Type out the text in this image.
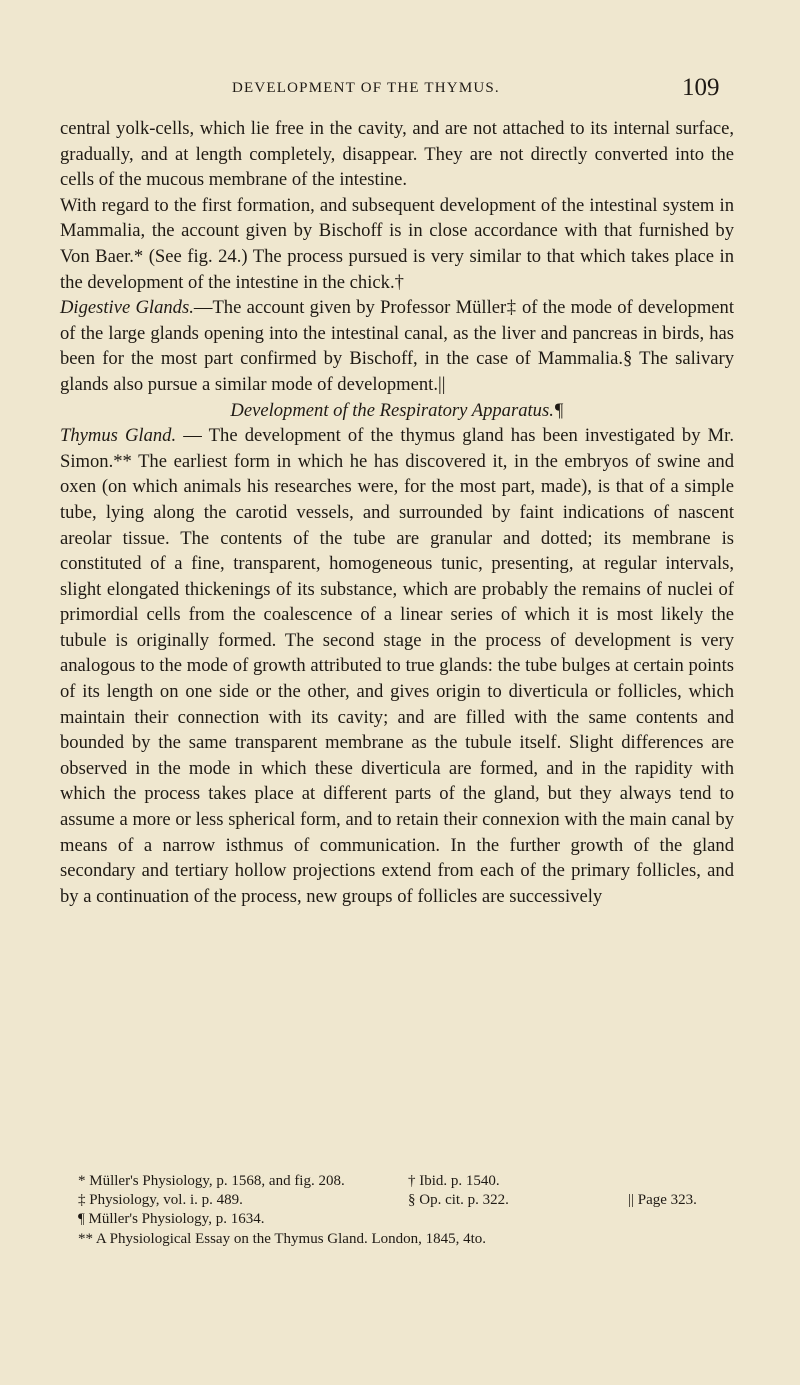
DEVELOPMENT OF THE THYMUS.	109

central yolk-cells, which lie free in the cavity, and are not attached to its internal surface, gradually, and at length completely, disappear. They are not directly converted into the cells of the mucous membrane of the intestine.

With regard to the first formation, and subsequent development of the intestinal system in Mammalia, the account given by Bischoff is in close accordance with that furnished by Von Baer.* (See fig. 24.) The process pursued is very similar to that which takes place in the development of the intestine in the chick.†

Digestive Glands.—The account given by Professor Müller‡ of the mode of development of the large glands opening into the intestinal canal, as the liver and pancreas in birds, has been for the most part confirmed by Bischoff, in the case of Mammalia.§ The salivary glands also pursue a similar mode of development.||

Development of the Respiratory Apparatus.¶

Thymus Gland. — The development of the thymus gland has been investigated by Mr. Simon.** The earliest form in which he has discovered it, in the embryos of swine and oxen (on which animals his researches were, for the most part, made), is that of a simple tube, lying along the carotid vessels, and surrounded by faint indications of nascent areolar tissue. The contents of the tube are granular and dotted; its membrane is constituted of a fine, transparent, homogeneous tunic, presenting, at regular intervals, slight elongated thickenings of its substance, which are probably the remains of nuclei of primordial cells from the coalescence of a linear series of which it is most likely the tubule is originally formed. The second stage in the process of development is very analogous to the mode of growth attributed to true glands: the tube bulges at certain points of its length on one side or the other, and gives origin to diverticula or follicles, which maintain their connection with its cavity; and are filled with the same contents and bounded by the same transparent membrane as the tubule itself. Slight differences are observed in the mode in which these diverticula are formed, and in the rapidity with which the process takes place at different parts of the gland, but they always tend to assume a more or less spherical form, and to retain their connexion with the main canal by means of a narrow isthmus of communication. In the further growth of the gland secondary and tertiary hollow projections extend from each of the primary follicles, and by a continuation of the process, new groups of follicles are successively

* Müller's Physiology, p. 1568, and fig. 208.	† Ibid. p. 1540.
‡ Physiology, vol. i. p. 489.	§ Op. cit. p. 322.	|| Page 323.
¶ Müller's Physiology, p. 1634.
** A Physiological Essay on the Thymus Gland. London, 1845, 4to.
